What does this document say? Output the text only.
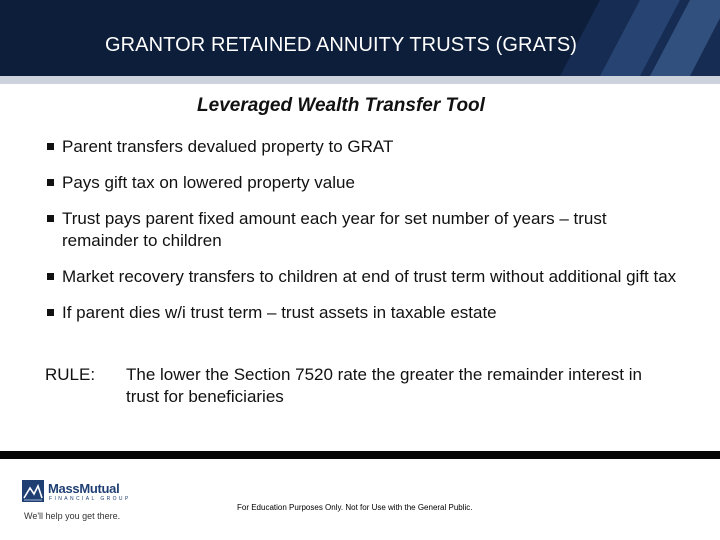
GRANTOR RETAINED ANNUITY TRUSTS (GRATS)
Leveraged Wealth Transfer Tool
Parent transfers devalued property to GRAT
Pays gift tax on lowered property value
Trust pays parent fixed amount each year for set number of years – trust remainder to children
Market recovery transfers to children at end of trust term without additional gift tax
If parent dies w/i trust term – trust assets in taxable estate
RULE: The lower the Section 7520 rate the greater the remainder interest in trust for beneficiaries
MassMutual
FINANCIAL GROUP
We'll help you get there.
For Education Purposes Only. Not for Use with the General Public.
